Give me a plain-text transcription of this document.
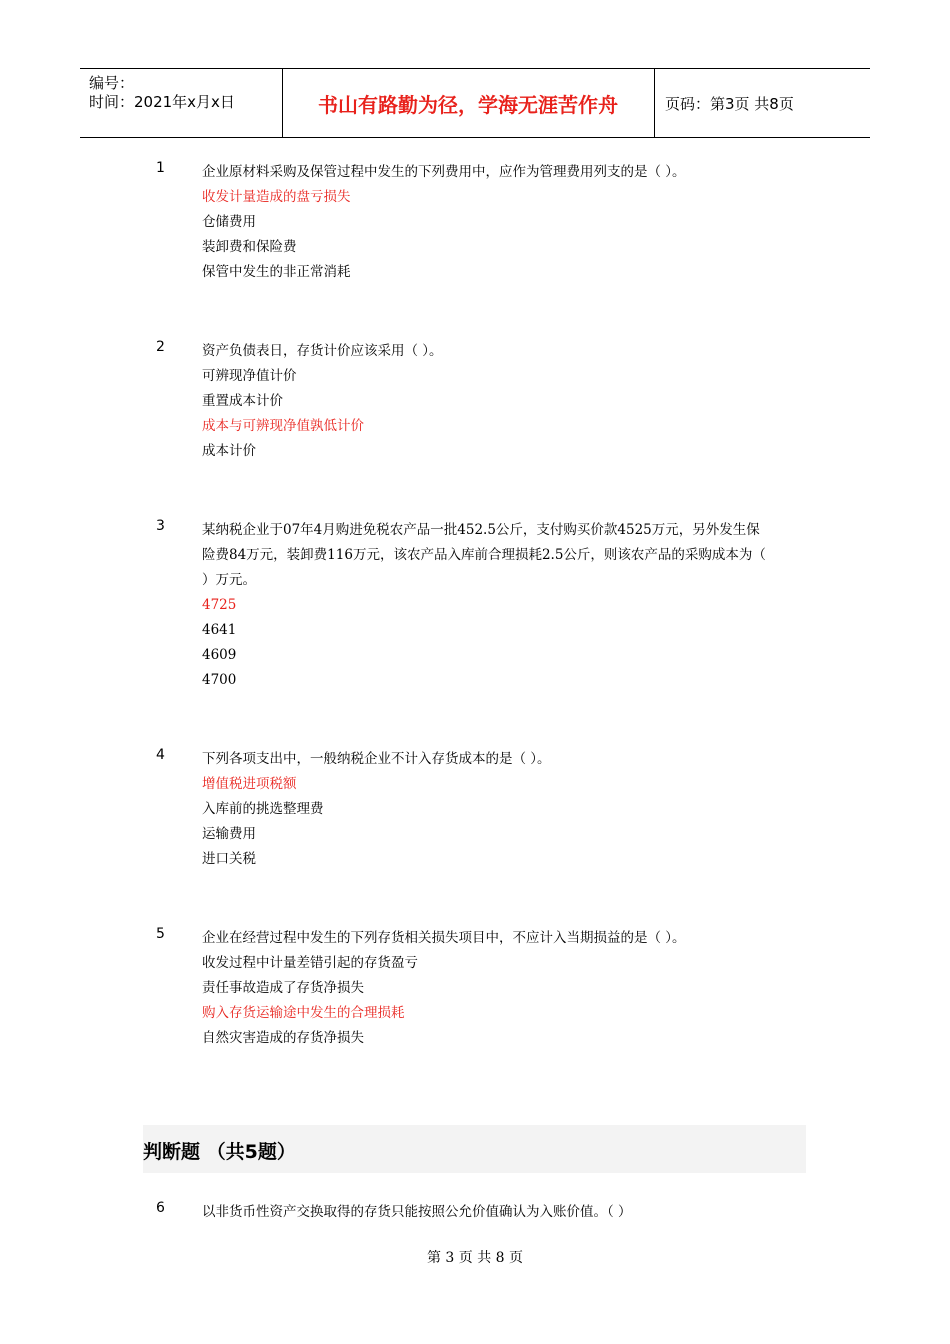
编号：
时间：2021年x月x日	书山有路勤为径，学海无涯苦作舟	页码：第3页 共8页
1	企业原材料采购及保管过程中发生的下列费用中，应作为管理费用列支的是（ ）。
收发计量造成的盘亏损失
仓储费用
装卸费和保险费
保管中发生的非正常消耗
2	资产负债表日，存货计价应该采用（ ）。
可辨现净值计价
重置成本计价
成本与可辨现净值孰低计价
成本计价
3	某纳税企业于07年4月购进免税农产品一批452.5公斤，支付购买价款4525万元，另外发生保险费84万元，装卸费116万元，该农产品入库前合理损耗2.5公斤，则该农产品的采购成本为（ ）万元。
4725
4641
4609
4700
4	下列各项支出中，一般纳税企业不计入存货成本的是（ ）。
增值税进项税额
入库前的挑选整理费
运输费用
进口关税
5	企业在经营过程中发生的下列存货相关损失项目中，不应计入当期损益的是（ ）。
收发过程中计量差错引起的存货盈亏
责任事故造成了存货净损失
购入存货运输途中发生的合理损耗
自然灾害造成的存货净损失
判断题 （共5题）
6	以非货币性资产交换取得的存货只能按照公允价值确认为入账价值。（ ）
第 3 页 共 8 页
